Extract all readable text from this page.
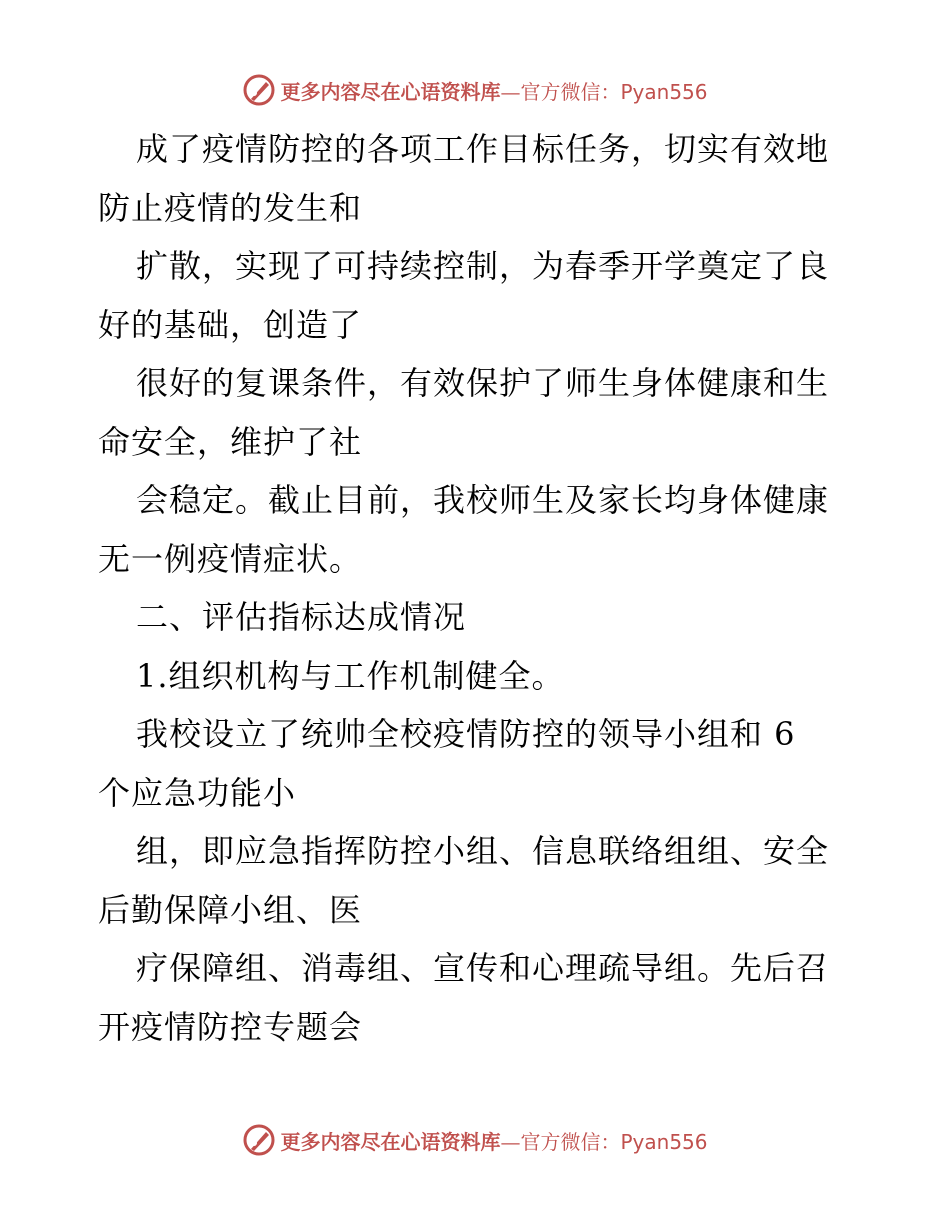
更多内容尽在心语资料库—官方微信：Pyan556
成了疫情防控的各项工作目标任务，切实有效地
防止疫情的发生和
扩散，实现了可持续控制，为春季开学奠定了良
好的基础，创造了
很好的复课条件，有效保护了师生身体健康和生
命安全，维护了社
会稳定。截止目前，我校师生及家长均身体健康
无一例疫情症状。
二、评估指标达成情况
1.组织机构与工作机制健全。
我校设立了统帅全校疫情防控的领导小组和 6
个应急功能小
组，即应急指挥防控小组、信息联络组组、安全
后勤保障小组、医
疗保障组、消毒组、宣传和心理疏导组。先后召
开疫情防控专题会
更多内容尽在心语资料库—官方微信：Pyan556
